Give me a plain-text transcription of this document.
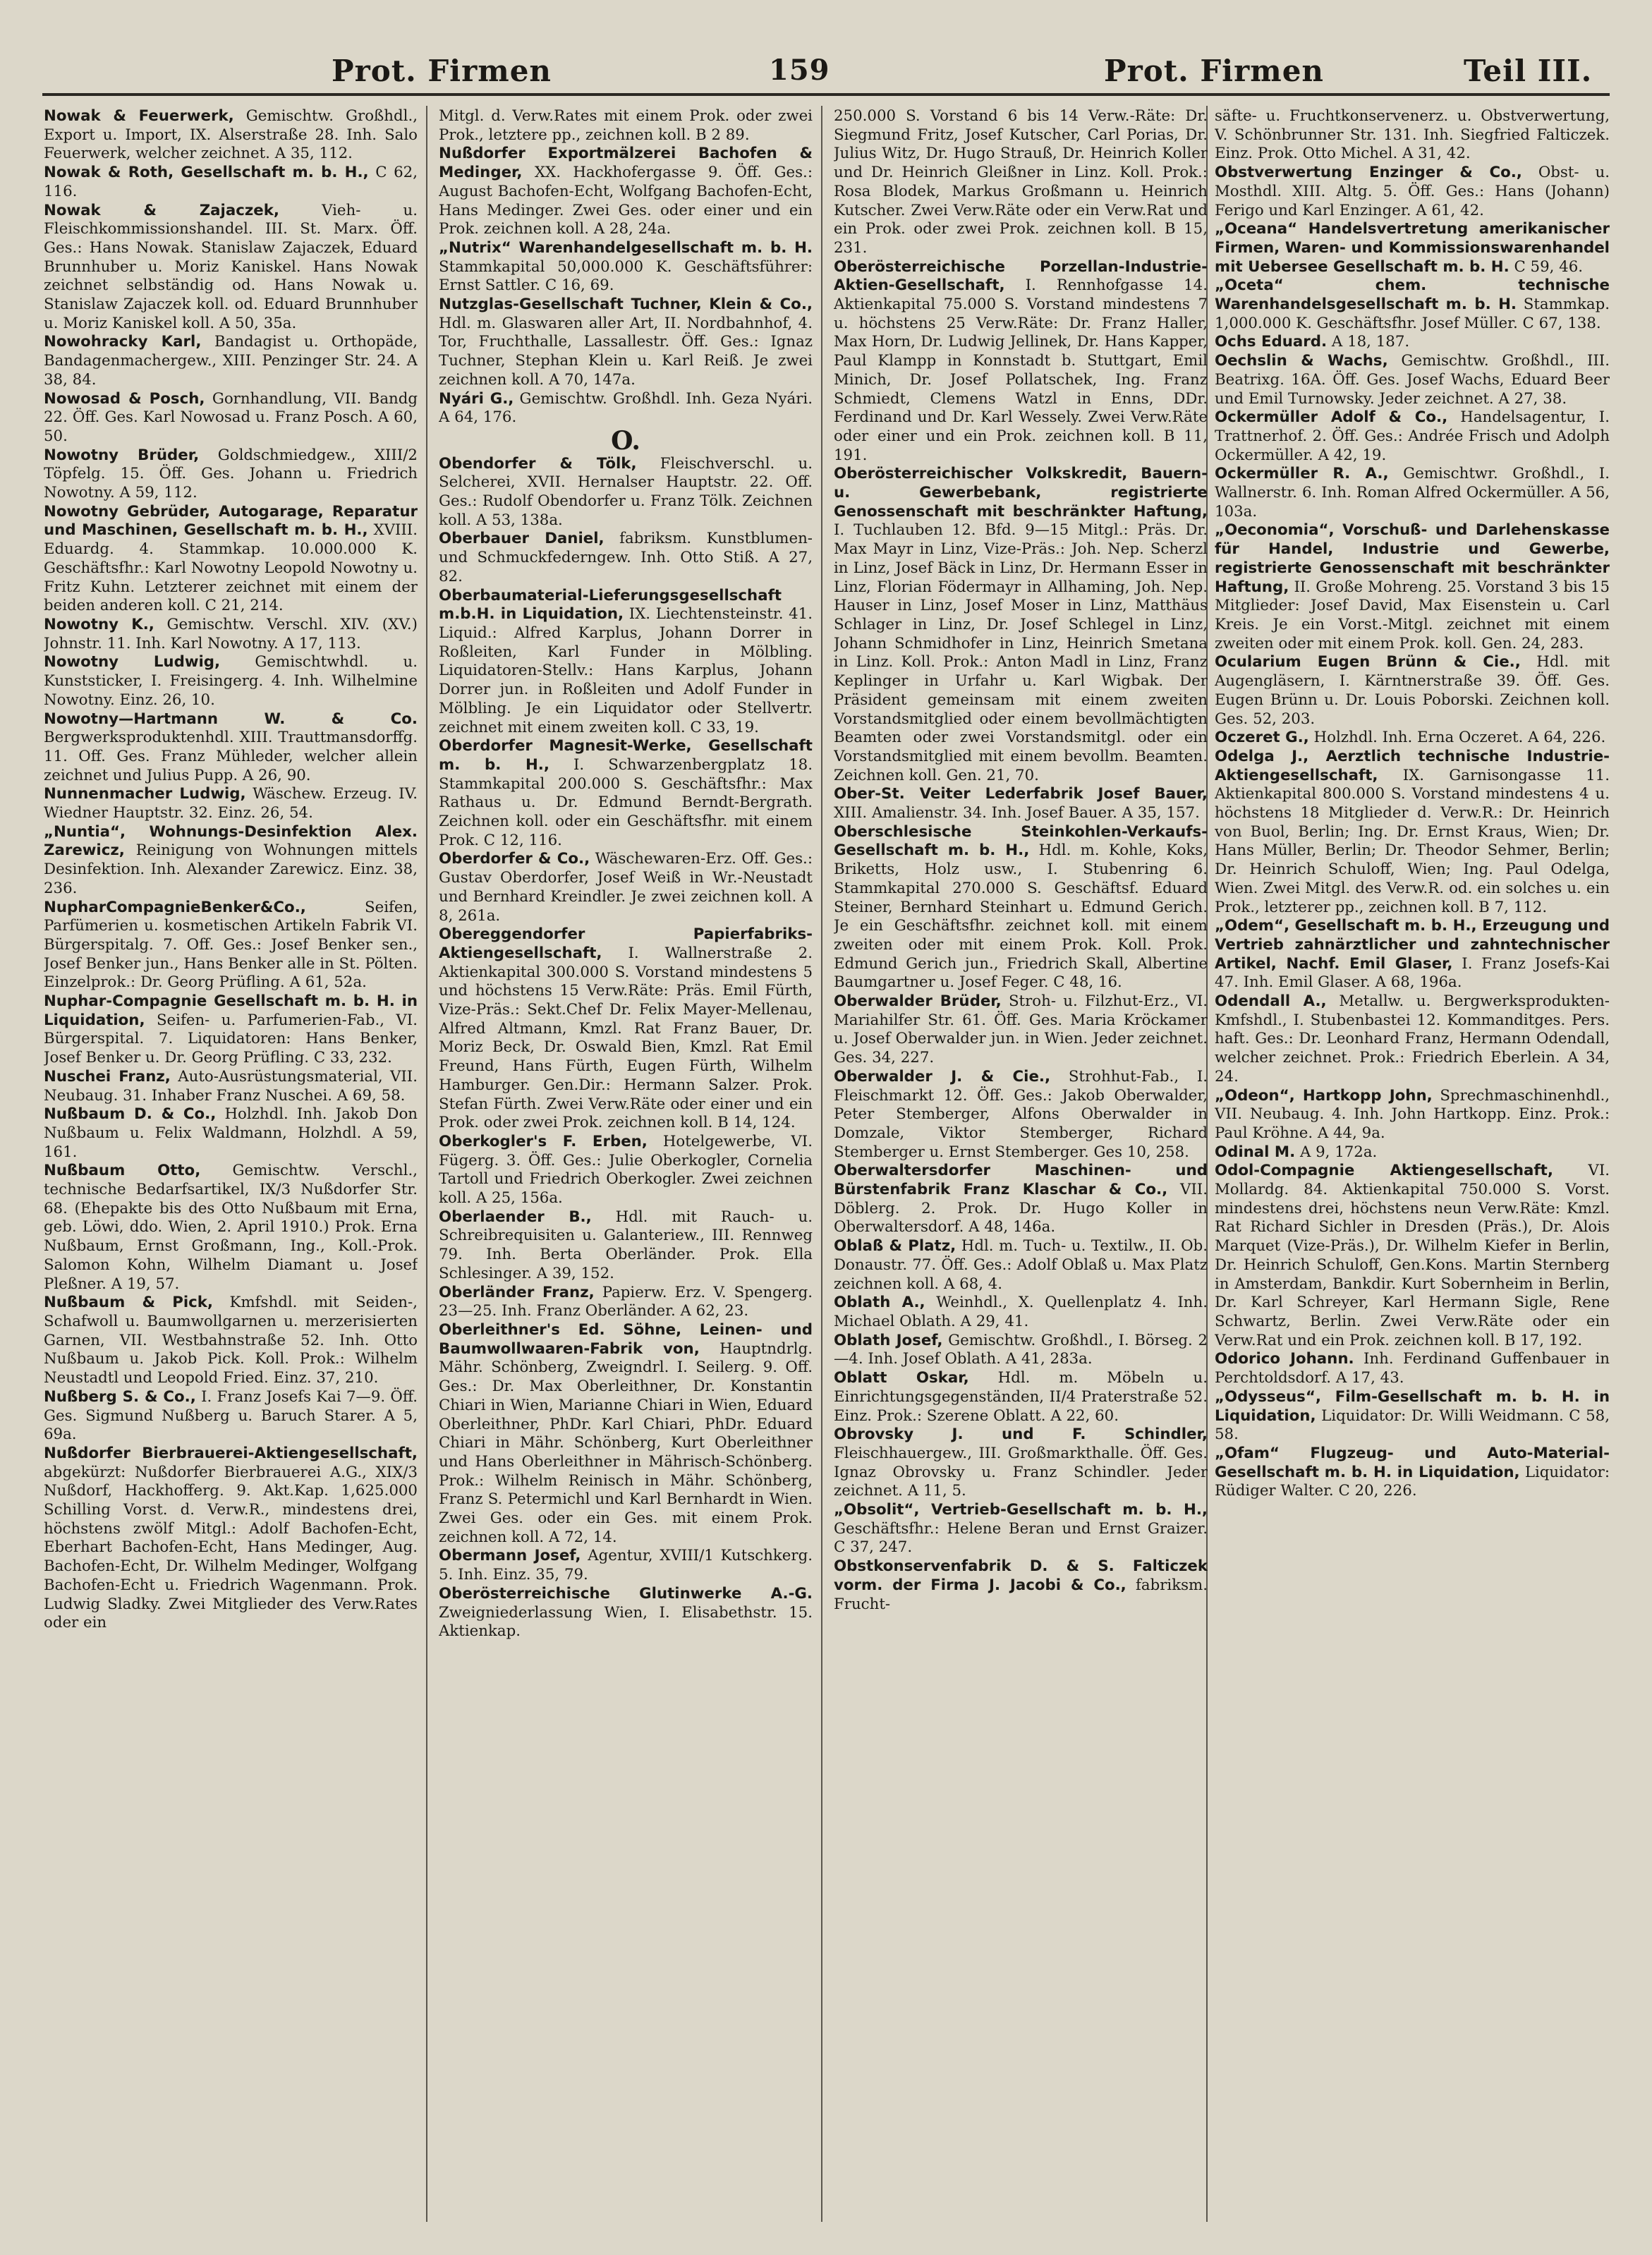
Prot. Firmen	159	Prot. Firmen	Teil III.

Nowak & Feuerwerk, Gemischtw. Großhdl., Export u. Import, IX. Alserstraße 28. Inh. Salo Feuerwerk, welcher zeichnet. A 35, 112.

Nowak & Roth, Gesellschaft m. b. H., C 62, 116.

Nowak & Zajaczek, Vieh- u. Fleischkommissionshandel. III. St. Marx. Öff. Ges.: Hans Nowak. Stanislaw Zajaczek, Eduard Brunnhuber u. Moriz Kaniskel. Hans Nowak zeichnet selbständig od. Hans Nowak u. Stanislaw Zajaczek koll. od. Eduard Brunnhuber u. Moriz Kaniskel koll. A 50, 35a.

Nowohracky Karl, Bandagist u. Orthopäde, Bandagenmachergew., XIII. Penzinger Str. 24. A 38, 84.

Nowosad & Posch, Gornhandlung, VII. Bandg 22. Öff. Ges. Karl Nowosad u. Franz Posch. A 60, 50.

Nowotny Brüder, Goldschmiedgew., XIII/2 Töpfelg. 15. Öff. Ges. Johann u. Friedrich Nowotny. A 59, 112.

Nowotny Gebrüder, Autogarage, Reparatur und Maschinen, Gesellschaft m. b. H., XVIII. Eduardg. 4. Stammkap. 10.000.000 K. Geschäftsfhr.: Karl Nowotny Leopold Nowotny u. Fritz Kuhn. Letzterer zeichnet mit einem der beiden anderen koll. C 21, 214.

Nowotny K., Gemischtw. Verschl. XIV. (XV.) Johnstr. 11. Inh. Karl Nowotny. A 17, 113.

Nowotny Ludwig, Gemischtwhdl. u. Kunststicker, I. Freisingerg. 4. Inh. Wilhelmine Nowotny. Einz. 26, 10.

Nowotny—Hartmann W. & Co. Bergwerksproduktenhdl. XIII. Trauttmansdorffg. 11. Off. Ges. Franz Mühleder, welcher allein zeichnet und Julius Pupp. A 26, 90.

Nunnenmacher Ludwig, Wäschew. Erzeug. IV. Wiedner Hauptstr. 32. Einz. 26, 54.

„Nuntia“, Wohnungs-Desinfektion Alex. Zarewicz, Reinigung von Wohnungen mittels Desinfektion. Inh. Alexander Zarewicz. Einz. 38, 236.

NupharCompagnieBenker&Co., Seifen, Parfümerien u. kosmetischen Artikeln Fabrik VI. Bürgerspitalg. 7. Off. Ges.: Josef Benker sen., Josef Benker jun., Hans Benker alle in St. Pölten. Einzelprok.: Dr. Georg Prüfling. A 61, 52a.

Nuphar-Compagnie Gesellschaft m. b. H. in Liquidation, Seifen- u. Parfumerien-Fab., VI. Bürgerspital. 7. Liquidatoren: Hans Benker, Josef Benker u. Dr. Georg Prüfling. C 33, 232.

Nuschei Franz, Auto-Ausrüstungsmaterial, VII. Neubaug. 31. Inhaber Franz Nuschei. A 69, 58.

Nußbaum D. & Co., Holzhdl. Inh. Jakob Don Nußbaum u. Felix Waldmann, Holzhdl. A 59, 161.

Nußbaum Otto, Gemischtw. Verschl., technische Bedarfsartikel, IX/3 Nußdorfer Str. 68. (Ehepakte bis des Otto Nußbaum mit Erna, geb. Löwi, ddo. Wien, 2. April 1910.) Prok. Erna Nußbaum, Ernst Großmann, Ing., Koll.-Prok. Salomon Kohn, Wilhelm Diamant u. Josef Pleßner. A 19, 57.

Nußbaum & Pick, Kmfshdl. mit Seiden-, Schafwoll u. Baumwollgarnen u. merzerisierten Garnen, VII. Westbahnstraße 52. Inh. Otto Nußbaum u. Jakob Pick. Koll. Prok.: Wilhelm Neustadtl und Leopold Fried. Einz. 37, 210.

Nußberg S. & Co., I. Franz Josefs Kai 7—9. Öff. Ges. Sigmund Nußberg u. Baruch Starer. A 5, 69a.

Nußdorfer Bierbrauerei-Aktiengesellschaft, abgekürzt: Nußdorfer Bierbrauerei A.G., XIX/3 Nußdorf, Hackhofferg. 9. Akt.Kap. 1,625.000 Schilling Vorst. d. Verw.R., mindestens drei, höchstens zwölf Mitgl.: Adolf Bachofen-Echt, Eberhart Bachofen-Echt, Hans Medinger, Aug. Bachofen-Echt, Dr. Wilhelm Medinger, Wolfgang Bachofen-Echt u. Friedrich Wagenmann. Prok. Ludwig Sladky. Zwei Mitglieder des Verw.Rates oder ein

Mitgl. d. Verw.Rates mit einem Prok. oder zwei Prok., letztere pp., zeichnen koll. B 2 89.

Nußdorfer Exportmälzerei Bachofen & Medinger, XX. Hackhofergasse 9. Öff. Ges.: August Bachofen-Echt, Wolfgang Bachofen-Echt, Hans Medinger. Zwei Ges. oder einer und ein Prok. zeichnen koll. A 28, 24a.

„Nutrix“ Warenhandelgesellschaft m. b. H. Stammkapital 50,000.000 K. Geschäftsführer: Ernst Sattler. C 16, 69.

Nutzglas-Gesellschaft Tuchner, Klein & Co., Hdl. m. Glaswaren aller Art, II. Nordbahnhof, 4. Tor, Fruchthalle, Lassallestr. Öff. Ges.: Ignaz Tuchner, Stephan Klein u. Karl Reiß. Je zwei zeichnen koll. A 70, 147a.

Nyári G., Gemischtw. Großhdl. Inh. Geza Nyári. A 64, 176.

O.

Obendorfer & Tölk, Fleischverschl. u. Selcherei, XVII. Hernalser Hauptstr. 22. Off. Ges.: Rudolf Obendorfer u. Franz Tölk. Zeichnen koll. A 53, 138a.

Oberbauer Daniel, fabriksm. Kunstblumen- und Schmuckfederngew. Inh. Otto Stiß. A 27, 82.

Oberbaumaterial-Lieferungsgesellschaft m.b.H. in Liquidation, IX. Liechtensteinstr. 41. Liquid.: Alfred Karplus, Johann Dorrer in Roßleiten, Karl Funder in Mölbling. Liquidatoren-Stellv.: Hans Karplus, Johann Dorrer jun. in Roßleiten und Adolf Funder in Mölbling. Je ein Liquidator oder Stellvertr. zeichnet mit einem zweiten koll. C 33, 19.

Oberdorfer Magnesit-Werke, Gesellschaft m. b. H., I. Schwarzenbergplatz 18. Stammkapital 200.000 S. Geschäftsfhr.: Max Rathaus u. Dr. Edmund Berndt-Bergrath. Zeichnen koll. oder ein Geschäftsfhr. mit einem Prok. C 12, 116.

Oberdorfer & Co., Wäschewaren-Erz. Off. Ges.: Gustav Oberdorfer, Josef Weiß in Wr.-Neustadt und Bernhard Kreindler. Je zwei zeichnen koll. A 8, 261a.

Obereggendorfer Papierfabriks-Aktiengesellschaft, I. Wallnerstraße 2. Aktienkapital 300.000 S. Vorstand mindestens 5 und höchstens 15 Verw.Räte: Präs. Emil Fürth, Vize-Präs.: Sekt.Chef Dr. Felix Mayer-Mellenau, Alfred Altmann, Kmzl. Rat Franz Bauer, Dr. Moriz Beck, Dr. Oswald Bien, Kmzl. Rat Emil Freund, Hans Fürth, Eugen Fürth, Wilhelm Hamburger. Gen.Dir.: Hermann Salzer. Prok. Stefan Fürth. Zwei Verw.Räte oder einer und ein Prok. oder zwei Prok. zeichnen koll. B 14, 124.

Oberkogler's F. Erben, Hotelgewerbe, VI. Fügerg. 3. Öff. Ges.: Julie Oberkogler, Cornelia Tartoll und Friedrich Oberkogler. Zwei zeichnen koll. A 25, 156a.

Oberlaender B., Hdl. mit Rauch- u. Schreibrequisiten u. Galanteriew., III. Rennweg 79. Inh. Berta Oberländer. Prok. Ella Schlesinger. A 39, 152.

Oberländer Franz, Papierw. Erz. V. Spengerg. 23—25. Inh. Franz Oberländer. A 62, 23.

Oberleithner's Ed. Söhne, Leinen- und Baumwollwaaren-Fabrik von, Hauptndrlg. Mähr. Schönberg, Zweigndrl. I. Seilerg. 9. Off. Ges.: Dr. Max Oberleithner, Dr. Konstantin Chiari in Wien, Marianne Chiari in Wien, Eduard Oberleithner, PhDr. Karl Chiari, PhDr. Eduard Chiari in Mähr. Schönberg, Kurt Oberleithner und Hans Oberleithner in Mährisch-Schönberg. Prok.: Wilhelm Reinisch in Mähr. Schönberg, Franz S. Petermichl und Karl Bernhardt in Wien. Zwei Ges. oder ein Ges. mit einem Prok. zeichnen koll. A 72, 14.

Obermann Josef, Agentur, XVIII/1 Kutschkerg. 5. Inh. Einz. 35, 79.

Oberösterreichische Glutinwerke A.-G. Zweigniederlassung Wien, I. Elisabethstr. 15. Aktienkap.

250.000 S. Vorstand 6 bis 14 Verw.-Räte: Dr. Siegmund Fritz, Josef Kutscher, Carl Porias, Dr. Julius Witz, Dr. Hugo Strauß, Dr. Heinrich Koller und Dr. Heinrich Gleißner in Linz. Koll. Prok.: Rosa Blodek, Markus Großmann u. Heinrich Kutscher. Zwei Verw.Räte oder ein Verw.Rat und ein Prok. oder zwei Prok. zeichnen koll. B 15, 231.

Oberösterreichische Porzellan-Industrie-Aktien-Gesellschaft, I. Rennhofgasse 14. Aktienkapital 75.000 S. Vorstand mindestens 7 u. höchstens 25 Verw.Räte: Dr. Franz Haller, Max Horn, Dr. Ludwig Jellinek, Dr. Hans Kapper, Paul Klampp in Konnstadt b. Stuttgart, Emil Minich, Dr. Josef Pollatschek, Ing. Franz Schmiedt, Clemens Watzl in Enns, DDr. Ferdinand und Dr. Karl Wessely. Zwei Verw.Räte oder einer und ein Prok. zeichnen koll. B 11, 191.

Oberösterreichischer Volkskredit, Bauern- u. Gewerbebank, registrierte Genossenschaft mit beschränkter Haftung, I. Tuchlauben 12. Bfd. 9—15 Mitgl.: Präs. Dr. Max Mayr in Linz, Vize-Präs.: Joh. Nep. Scherzl in Linz, Josef Bäck in Linz, Dr. Hermann Esser in Linz, Florian Födermayr in Allhaming, Joh. Nep. Hauser in Linz, Josef Moser in Linz, Matthäus Schlager in Linz, Dr. Josef Schlegel in Linz, Johann Schmidhofer in Linz, Heinrich Smetana in Linz. Koll. Prok.: Anton Madl in Linz, Franz Keplinger in Urfahr u. Karl Wigbak. Der Präsident gemeinsam mit einem zweiten Vorstandsmitglied oder einem bevollmächtigten Beamten oder zwei Vorstandsmitgl. oder ein Vorstandsmitglied mit einem bevollm. Beamten. Zeichnen koll. Gen. 21, 70.

Ober-St. Veiter Lederfabrik Josef Bauer, XIII. Amalienstr. 34. Inh. Josef Bauer. A 35, 157.

Oberschlesische Steinkohlen-Verkaufs-Gesellschaft m. b. H., Hdl. m. Kohle, Koks, Briketts, Holz usw., I. Stubenring 6. Stammkapital 270.000 S. Geschäftsf. Eduard Steiner, Bernhard Steinhart u. Edmund Gerich. Je ein Geschäftsfhr. zeichnet koll. mit einem zweiten oder mit einem Prok. Koll. Prok. Edmund Gerich jun., Friedrich Skall, Albertine Baumgartner u. Josef Feger. C 48, 16.

Oberwalder Brüder, Stroh- u. Filzhut-Erz., VI. Mariahilfer Str. 61. Öff. Ges. Maria Kröckamer u. Josef Oberwalder jun. in Wien. Jeder zeichnet. Ges. 34, 227.

Oberwalder J. & Cie., Strohhut-Fab., I. Fleischmarkt 12. Öff. Ges.: Jakob Oberwalder, Peter Stemberger, Alfons Oberwalder in Domzale, Viktor Stemberger, Richard Stemberger u. Ernst Stemberger. Ges 10, 258.

Oberwaltersdorfer Maschinen- und Bürstenfabrik Franz Klaschar & Co., VII. Döblerg. 2. Prok. Dr. Hugo Koller in Oberwaltersdorf. A 48, 146a.

Oblaß & Platz, Hdl. m. Tuch- u. Textilw., II. Ob. Donaustr. 77. Öff. Ges.: Adolf Oblaß u. Max Platz zeichnen koll. A 68, 4.

Oblath A., Weinhdl., X. Quellenplatz 4. Inh. Michael Oblath. A 29, 41.

Oblath Josef, Gemischtw. Großhdl., I. Börseg. 2—4. Inh. Josef Oblath. A 41, 283a.

Oblatt Oskar, Hdl. m. Möbeln u. Einrichtungsgegenständen, II/4 Praterstraße 52. Einz. Prok.: Szerene Oblatt. A 22, 60.

Obrovsky J. und F. Schindler, Fleischhauergew., III. Großmarkthalle. Öff. Ges. Ignaz Obrovsky u. Franz Schindler. Jeder zeichnet. A 11, 5.

„Obsolit“, Vertrieb-Gesellschaft m. b. H., Geschäftsfhr.: Helene Beran und Ernst Graizer. C 37, 247.

Obstkonservenfabrik D. & S. Falticzek vorm. der Firma J. Jacobi & Co., fabriksm. Frucht-

säfte- u. Fruchtkonservenerz. u. Obstverwertung, V. Schönbrunner Str. 131. Inh. Siegfried Falticzek. Einz. Prok. Otto Michel. A 31, 42.

Obstverwertung Enzinger & Co., Obst- u. Mosthdl. XIII. Altg. 5. Öff. Ges.: Hans (Johann) Ferigo und Karl Enzinger. A 61, 42.

„Oceana“ Handelsvertretung amerikanischer Firmen, Waren- und Kommissionswarenhandel mit Uebersee Gesellschaft m. b. H. C 59, 46.

„Oceta“ chem. technische Warenhandelsgesellschaft m. b. H. Stammkap. 1,000.000 K. Geschäftsfhr. Josef Müller. C 67, 138.

Ochs Eduard. A 18, 187.

Oechslin & Wachs, Gemischtw. Großhdl., III. Beatrixg. 16A. Öff. Ges. Josef Wachs, Eduard Beer und Emil Turnowsky. Jeder zeichnet. A 27, 38.

Ockermüller Adolf & Co., Handelsagentur, I. Trattnerhof. 2. Öff. Ges.: Andrée Frisch und Adolph Ockermüller. A 42, 19.

Ockermüller R. A., Gemischtwr. Großhdl., I. Wallnerstr. 6. Inh. Roman Alfred Ockermüller. A 56, 103a.

„Oeconomia“, Vorschuß- und Darlehenskasse für Handel, Industrie und Gewerbe, registrierte Genossenschaft mit beschränkter Haftung, II. Große Mohreng. 25. Vorstand 3 bis 15 Mitglieder: Josef David, Max Eisenstein u. Carl Kreis. Je ein Vorst.-Mitgl. zeichnet mit einem zweiten oder mit einem Prok. koll. Gen. 24, 283.

Ocularium Eugen Brünn & Cie., Hdl. mit Augengläsern, I. Kärntnerstraße 39. Öff. Ges. Eugen Brünn u. Dr. Louis Poborski. Zeichnen koll. Ges. 52, 203.

Oczeret G., Holzhdl. Inh. Erna Oczeret. A 64, 226.

Odelga J., Aerztlich technische Industrie-Aktiengesellschaft, IX. Garnisongasse 11. Aktienkapital 800.000 S. Vorstand mindestens 4 u. höchstens 18 Mitglieder d. Verw.R.: Dr. Heinrich von Buol, Berlin; Ing. Dr. Ernst Kraus, Wien; Dr. Hans Müller, Berlin; Dr. Theodor Sehmer, Berlin; Dr. Heinrich Schuloff, Wien; Ing. Paul Odelga, Wien. Zwei Mitgl. des Verw.R. od. ein solches u. ein Prok., letzterer pp., zeichnen koll. B 7, 112.

„Odem“, Gesellschaft m. b. H., Erzeugung und Vertrieb zahnärztlicher und zahntechnischer Artikel, Nachf. Emil Glaser, I. Franz Josefs-Kai 47. Inh. Emil Glaser. A 68, 196a.

Odendall A., Metallw. u. Bergwerksprodukten-Kmfshdl., I. Stubenbastei 12. Kommanditges. Pers. haft. Ges.: Dr. Leonhard Franz, Hermann Odendall, welcher zeichnet. Prok.: Friedrich Eberlein. A 34, 24.

„Odeon“, Hartkopp John, Sprechmaschinenhdl., VII. Neubaug. 4. Inh. John Hartkopp. Einz. Prok.: Paul Kröhne. A 44, 9a.

Odinal M. A 9, 172a.

Odol-Compagnie Aktiengesellschaft, VI. Mollardg. 84. Aktienkapital 750.000 S. Vorst. mindestens drei, höchstens neun Verw.Räte: Kmzl. Rat Richard Sichler in Dresden (Präs.), Dr. Alois Marquet (Vize-Präs.), Dr. Wilhelm Kiefer in Berlin, Dr. Heinrich Schuloff, Gen.Kons. Martin Sternberg in Amsterdam, Bankdir. Kurt Sobernheim in Berlin, Dr. Karl Schreyer, Karl Hermann Sigle, Rene Schwartz, Berlin. Zwei Verw.Räte oder ein Verw.Rat und ein Prok. zeichnen koll. B 17, 192.

Odorico Johann. Inh. Ferdinand Guffenbauer in Perchtoldsdorf. A 17, 43.

„Odysseus“, Film-Gesellschaft m. b. H. in Liquidation, Liquidator: Dr. Willi Weidmann. C 58, 58.

„Ofam“ Flugzeug- und Auto-Material-Gesellschaft m. b. H. in Liquidation, Liquidator: Rüdiger Walter. C 20, 226.
